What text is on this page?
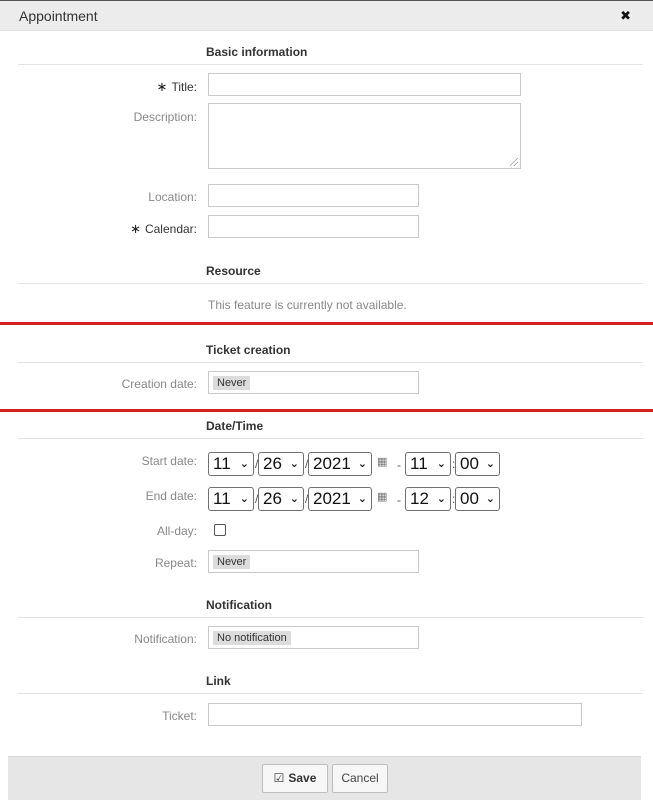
Appointment	✖
Basic information
∗ Title:
Description:
Location:
∗ Calendar:
Resource
This feature is currently not available.
Ticket creation
Creation date:	Never
Date/Time
Start date: 11 ⌄ / 26 ⌄ / 2021 ⌄ ▦ - 11 ⌄ : 00 ⌄
End date: 11 ⌄ / 26 ⌄ / 2021 ⌄ ▦ - 12 ⌄ : 00 ⌄
All-day:
Repeat:	Never
Notification
Notification:	No notification
Link
Ticket:
☑ Save	Cancel
